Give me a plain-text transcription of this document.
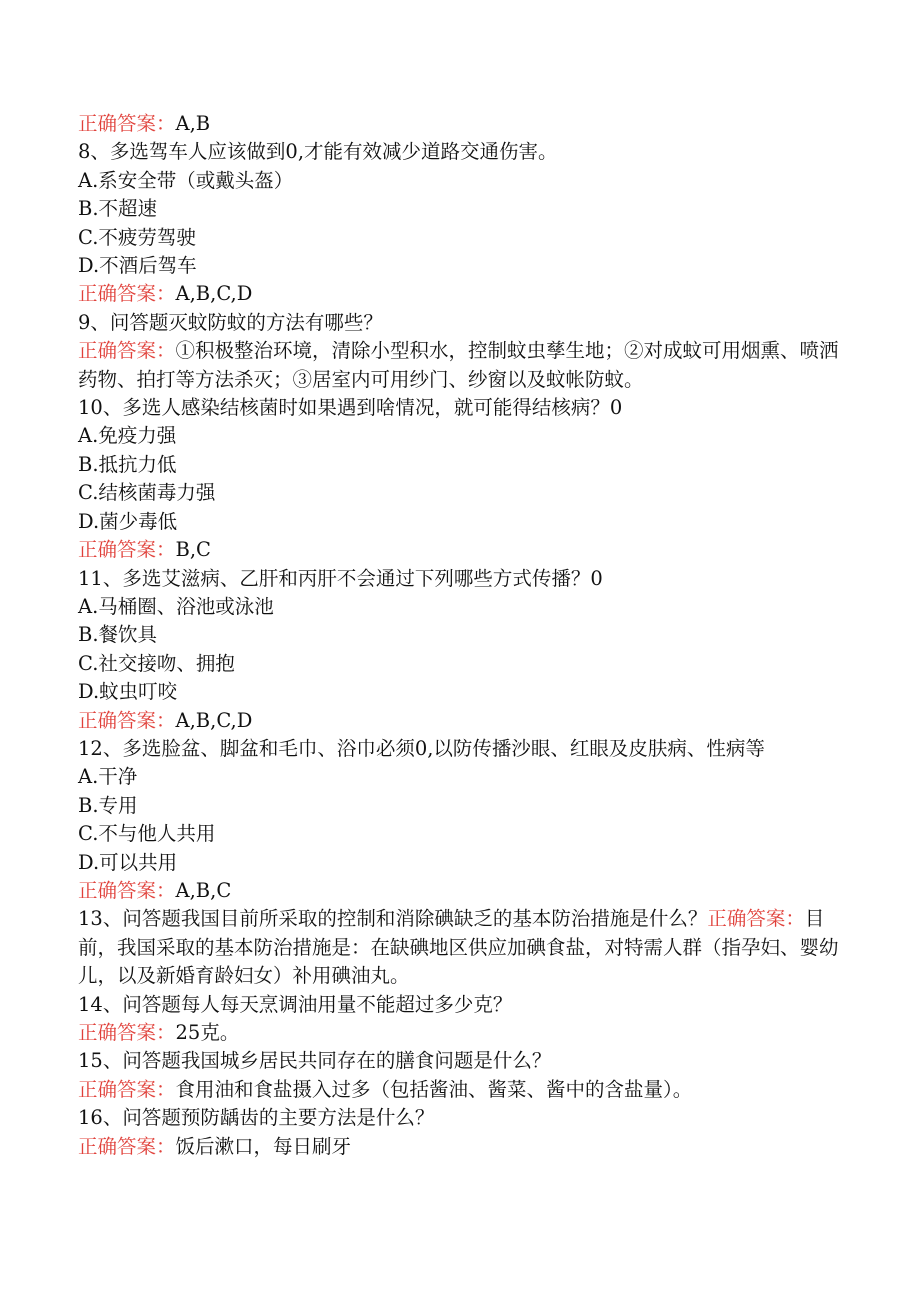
正确答案：A,B
8、多选驾车人应该做到0,才能有效减少道路交通伤害。
A.系安全带（或戴头盔）
B.不超速
C.不疲劳驾驶
D.不酒后驾车
正确答案：A,B,C,D
9、问答题灭蚊防蚊的方法有哪些？
正确答案：①积极整治环境，清除小型积水，控制蚊虫孳生地；②对成蚊可用烟熏、喷洒药物、拍打等方法杀灭；③居室内可用纱门、纱窗以及蚊帐防蚊。
10、多选人感染结核菌时如果遇到啥情况，就可能得结核病？0
A.免疫力强
B.抵抗力低
C.结核菌毒力强
D.菌少毒低
正确答案：B,C
11、多选艾滋病、乙肝和丙肝不会通过下列哪些方式传播？0
A.马桶圈、浴池或泳池
B.餐饮具
C.社交接吻、拥抱
D.蚊虫叮咬
正确答案：A,B,C,D
12、多选脸盆、脚盆和毛巾、浴巾必须0,以防传播沙眼、红眼及皮肤病、性病等
A.干净
B.专用
C.不与他人共用
D.可以共用
正确答案：A,B,C
13、问答题我国目前所采取的控制和消除碘缺乏的基本防治措施是什么？正确答案：目前，我国采取的基本防治措施是：在缺碘地区供应加碘食盐，对特需人群（指孕妇、婴幼儿，以及新婚育龄妇女）补用碘油丸。
14、问答题每人每天烹调油用量不能超过多少克？
正确答案：25克。
15、问答题我国城乡居民共同存在的膳食问题是什么？
正确答案：食用油和食盐摄入过多（包括酱油、酱菜、酱中的含盐量）。
16、问答题预防龋齿的主要方法是什么？
正确答案：饭后漱口，每日刷牙
